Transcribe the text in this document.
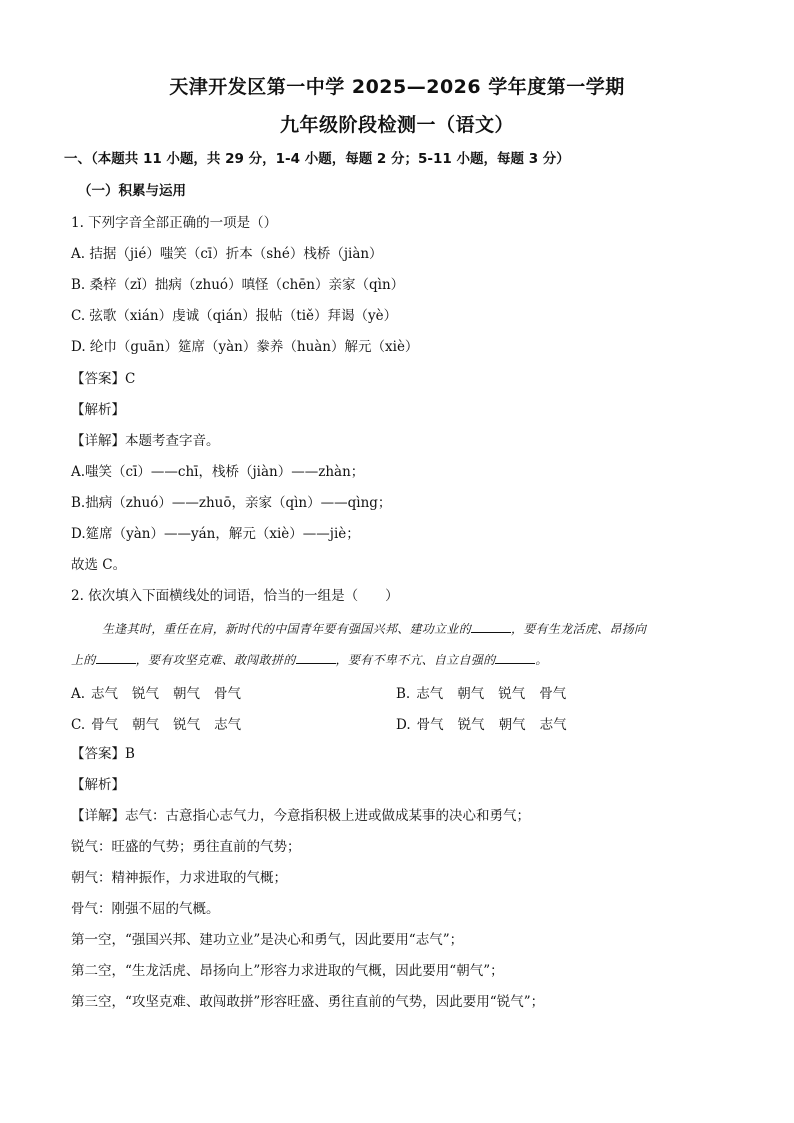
天津开发区第一中学 2025—2026 学年度第一学期
九年级阶段检测一（语文）
一、（本题共 11 小题，共 29 分，1-4 小题，每题 2 分；5-11 小题，每题 3 分）
（一）积累与运用
1. 下列字音全部正确的一项是（）
A. 拮据（jié）嗤笑（cī）折本（shé）栈桥（jiàn）
B. 桑梓（zǐ）拙病（zhuó）嗔怪（chēn）亲家（qìn）
C. 弦歌（xián）虔诚（qián）报帖（tiě）拜谒（yè）
D. 纶巾（guān）筵席（yàn）豢养（huàn）解元（xiè）
【答案】C
【解析】
【详解】本题考查字音。
A.嗤笑（cī）——chī，栈桥（jiàn）——zhàn；
B.拙病（zhuó）——zhuō，亲家（qìn）——qìng；
D.筵席（yàn）——yán，解元（xiè）——jiè；
故选 C。
2. 依次填入下面横线处的词语，恰当的一组是（　　）
生逢其时，重任在肩，新时代的中国青年要有强国兴邦、建功立业的	，要有生龙活虎、昂扬向
上的	，要有攻坚克难、敢闯敢拼的	，要有不卑不亢、自立自强的	。
A. 志气 锐气 朝气 骨气	B. 志气 朝气 锐气 骨气
C. 骨气 朝气 锐气 志气	D. 骨气 锐气 朝气 志气
【答案】B
【解析】
【详解】志气：古意指心志气力，今意指积极上进或做成某事的决心和勇气；
锐气：旺盛的气势；勇往直前的气势；
朝气：精神振作，力求进取的气概；
骨气：刚强不屈的气概。
第一空，“强国兴邦、建功立业”是决心和勇气，因此要用“志气”；
第二空，“生龙活虎、昂扬向上”形容力求进取的气概，因此要用“朝气”；
第三空，“攻坚克难、敢闯敢拼”形容旺盛、勇往直前的气势，因此要用“锐气”；
